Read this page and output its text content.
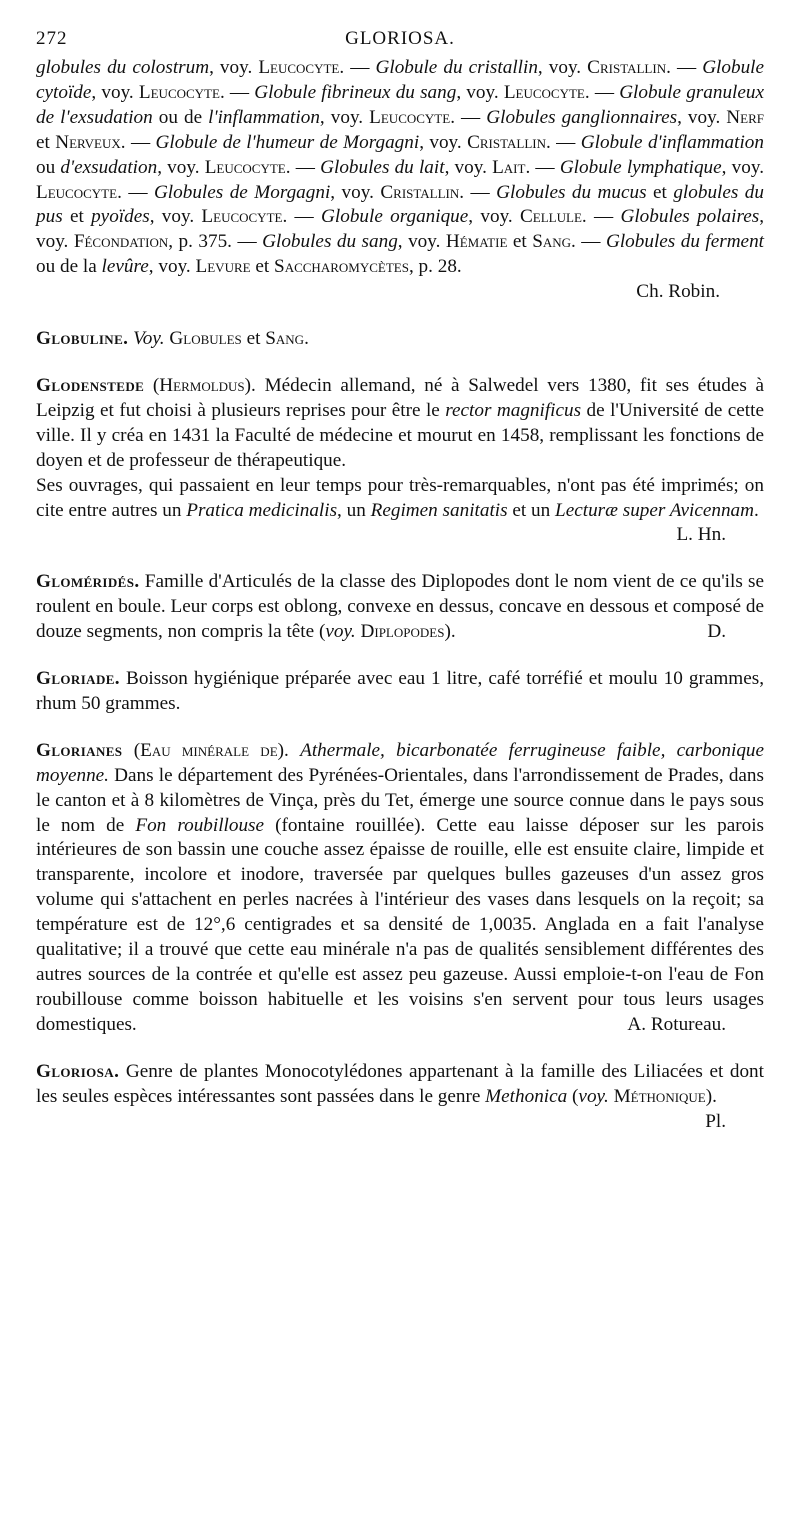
272	GLORIOSA.

globules du colostrum, voy. Leucocyte. — Globule du cristallin, voy. Cristallin. — Globule cytoïde, voy. Leucocyte. — Globule fibrineux du sang, voy. Leucocyte. — Globule granuleux de l'exsudation ou de l'inflammation, voy. Leucocyte. — Globules ganglionnaires, voy. Nerf et Nerveux. — Globule de l'humeur de Morgagni, voy. Cristallin. — Globule d'inflammation ou d'exsudation, voy. Leucocyte. — Globules du lait, voy. Lait. — Globule lymphatique, voy. Leucocyte. — Globules de Morgagni, voy. Cristallin. — Globules du mucus et globules du pus et pyoïdes, voy. Leucocyte. — Globule organique, voy. Cellule. — Globules polaires, voy. Fécondation, p. 375. — Globules du sang, voy. Hématie et Sang. — Globules du ferment ou de la levûre, voy. Levure et Saccharomycètes, p. 28.

Ch. Robin.

Globuline. Voy. Globules et Sang.

Glodenstede (Hermoldus). Médecin allemand, né à Salwedel vers 1380, fit ses études à Leipzig et fut choisi à plusieurs reprises pour être le rector magnificus de l'Université de cette ville. Il y créa en 1431 la Faculté de médecine et mourut en 1458, remplissant les fonctions de doyen et de professeur de thérapeutique.

Ses ouvrages, qui passaient en leur temps pour très-remarquables, n'ont pas été imprimés; on cite entre autres un Pratica medicinalis, un Regimen sanitatis et un Lecturæ super Avicennam.
L. Hn.

Gloméridés. Famille d'Articulés de la classe des Diplopodes dont le nom vient de ce qu'ils se roulent en boule. Leur corps est oblong, convexe en dessus, concave en dessous et composé de douze segments, non compris la tête (voy. Diplopodes).	D.

Gloriade. Boisson hygiénique préparée avec eau 1 litre, café torréfié et moulu 10 grammes, rhum 50 grammes.

Glorianes (Eau minérale de). Athermale, bicarbonatée ferrugineuse faible, carbonique moyenne. Dans le département des Pyrénées-Orientales, dans l'arrondissement de Prades, dans le canton et à 8 kilomètres de Vinça, près du Tet, émerge une source connue dans le pays sous le nom de Fon roubillouse (fontaine rouillée). Cette eau laisse déposer sur les parois intérieures de son bassin une couche assez épaisse de rouille, elle est ensuite claire, limpide et transparente, incolore et inodore, traversée par quelques bulles gazeuses d'un assez gros volume qui s'attachent en perles nacrées à l'intérieur des vases dans lesquels on la reçoit; sa température est de 12°,6 centigrades et sa densité de 1,0035. Anglada en a fait l'analyse qualitative; il a trouvé que cette eau minérale n'a pas de qualités sensiblement différentes des autres sources de la contrée et qu'elle est assez peu gazeuse. Aussi emploie-t-on l'eau de Fon roubillouse comme boisson habituelle et les voisins s'en servent pour tous leurs usages domestiques.	A. Rotureau.
Gloriosa. Genre de plantes Monocotylédones appartenant à la famille des Liliacées et dont les seules espèces intéressantes sont passées dans le genre Methonica (voy. Méthonique).
Pl.
